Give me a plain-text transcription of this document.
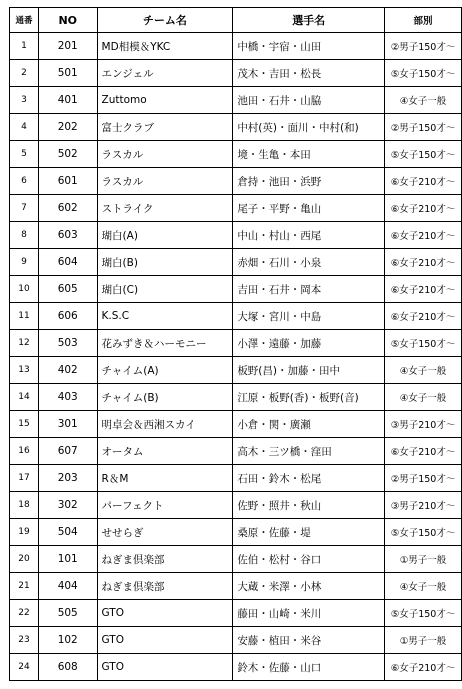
通番	NO	チーム名	選手名	部別
1	201	MD相模＆YKC	中橋・宇宿・山田	②男子150才～
2	501	エンジェル	茂木・吉田・松長	⑤女子150才～
3	401	Zuttomo	池田・石井・山脇	④女子一般
4	202	富士クラブ	中村(英)・面川・中村(和)	②男子150才～
5	502	ラスカル	境・生亀・本田	⑤女子150才～
6	601	ラスカル	倉持・池田・浜野	⑥女子210才～
7	602	ストライク	尾子・平野・亀山	⑥女子210才～
8	603	瑚白(A)	中山・村山・西尾	⑥女子210才～
9	604	瑚白(B)	赤畑・石川・小泉	⑥女子210才～
10	605	瑚白(C)	吉田・石井・岡本	⑥女子210才～
11	606	K.S.C	大塚・宮川・中島	⑥女子210才～
12	503	花みずき＆ハーモニー	小澤・遠藤・加藤	⑤女子150才～
13	402	チャイム(A)	板野(昌)・加藤・田中	④女子一般
14	403	チャイム(B)	江原・板野(香)・板野(音)	④女子一般
15	301	明卓会＆西湘スカイ	小倉・関・廣瀬	③男子210才～
16	607	オータム	高木・三ツ橋・窪田	⑥女子210才～
17	203	R＆M	石田・鈴木・松尾	②男子150才～
18	302	パーフェクト	佐野・照井・秋山	③男子210才～
19	504	せせらぎ	桑原・佐藤・堤	⑤女子150才～
20	101	ねぎま倶楽部	佐伯・松村・谷口	①男子一般
21	404	ねぎま倶楽部	大蔵・米澤・小林	④女子一般
22	505	GTO	藤田・山崎・米川	⑤女子150才～
23	102	GTO	安藤・植田・米谷	①男子一般
24	608	GTO	鈴木・佐藤・山口	⑥女子210才～
